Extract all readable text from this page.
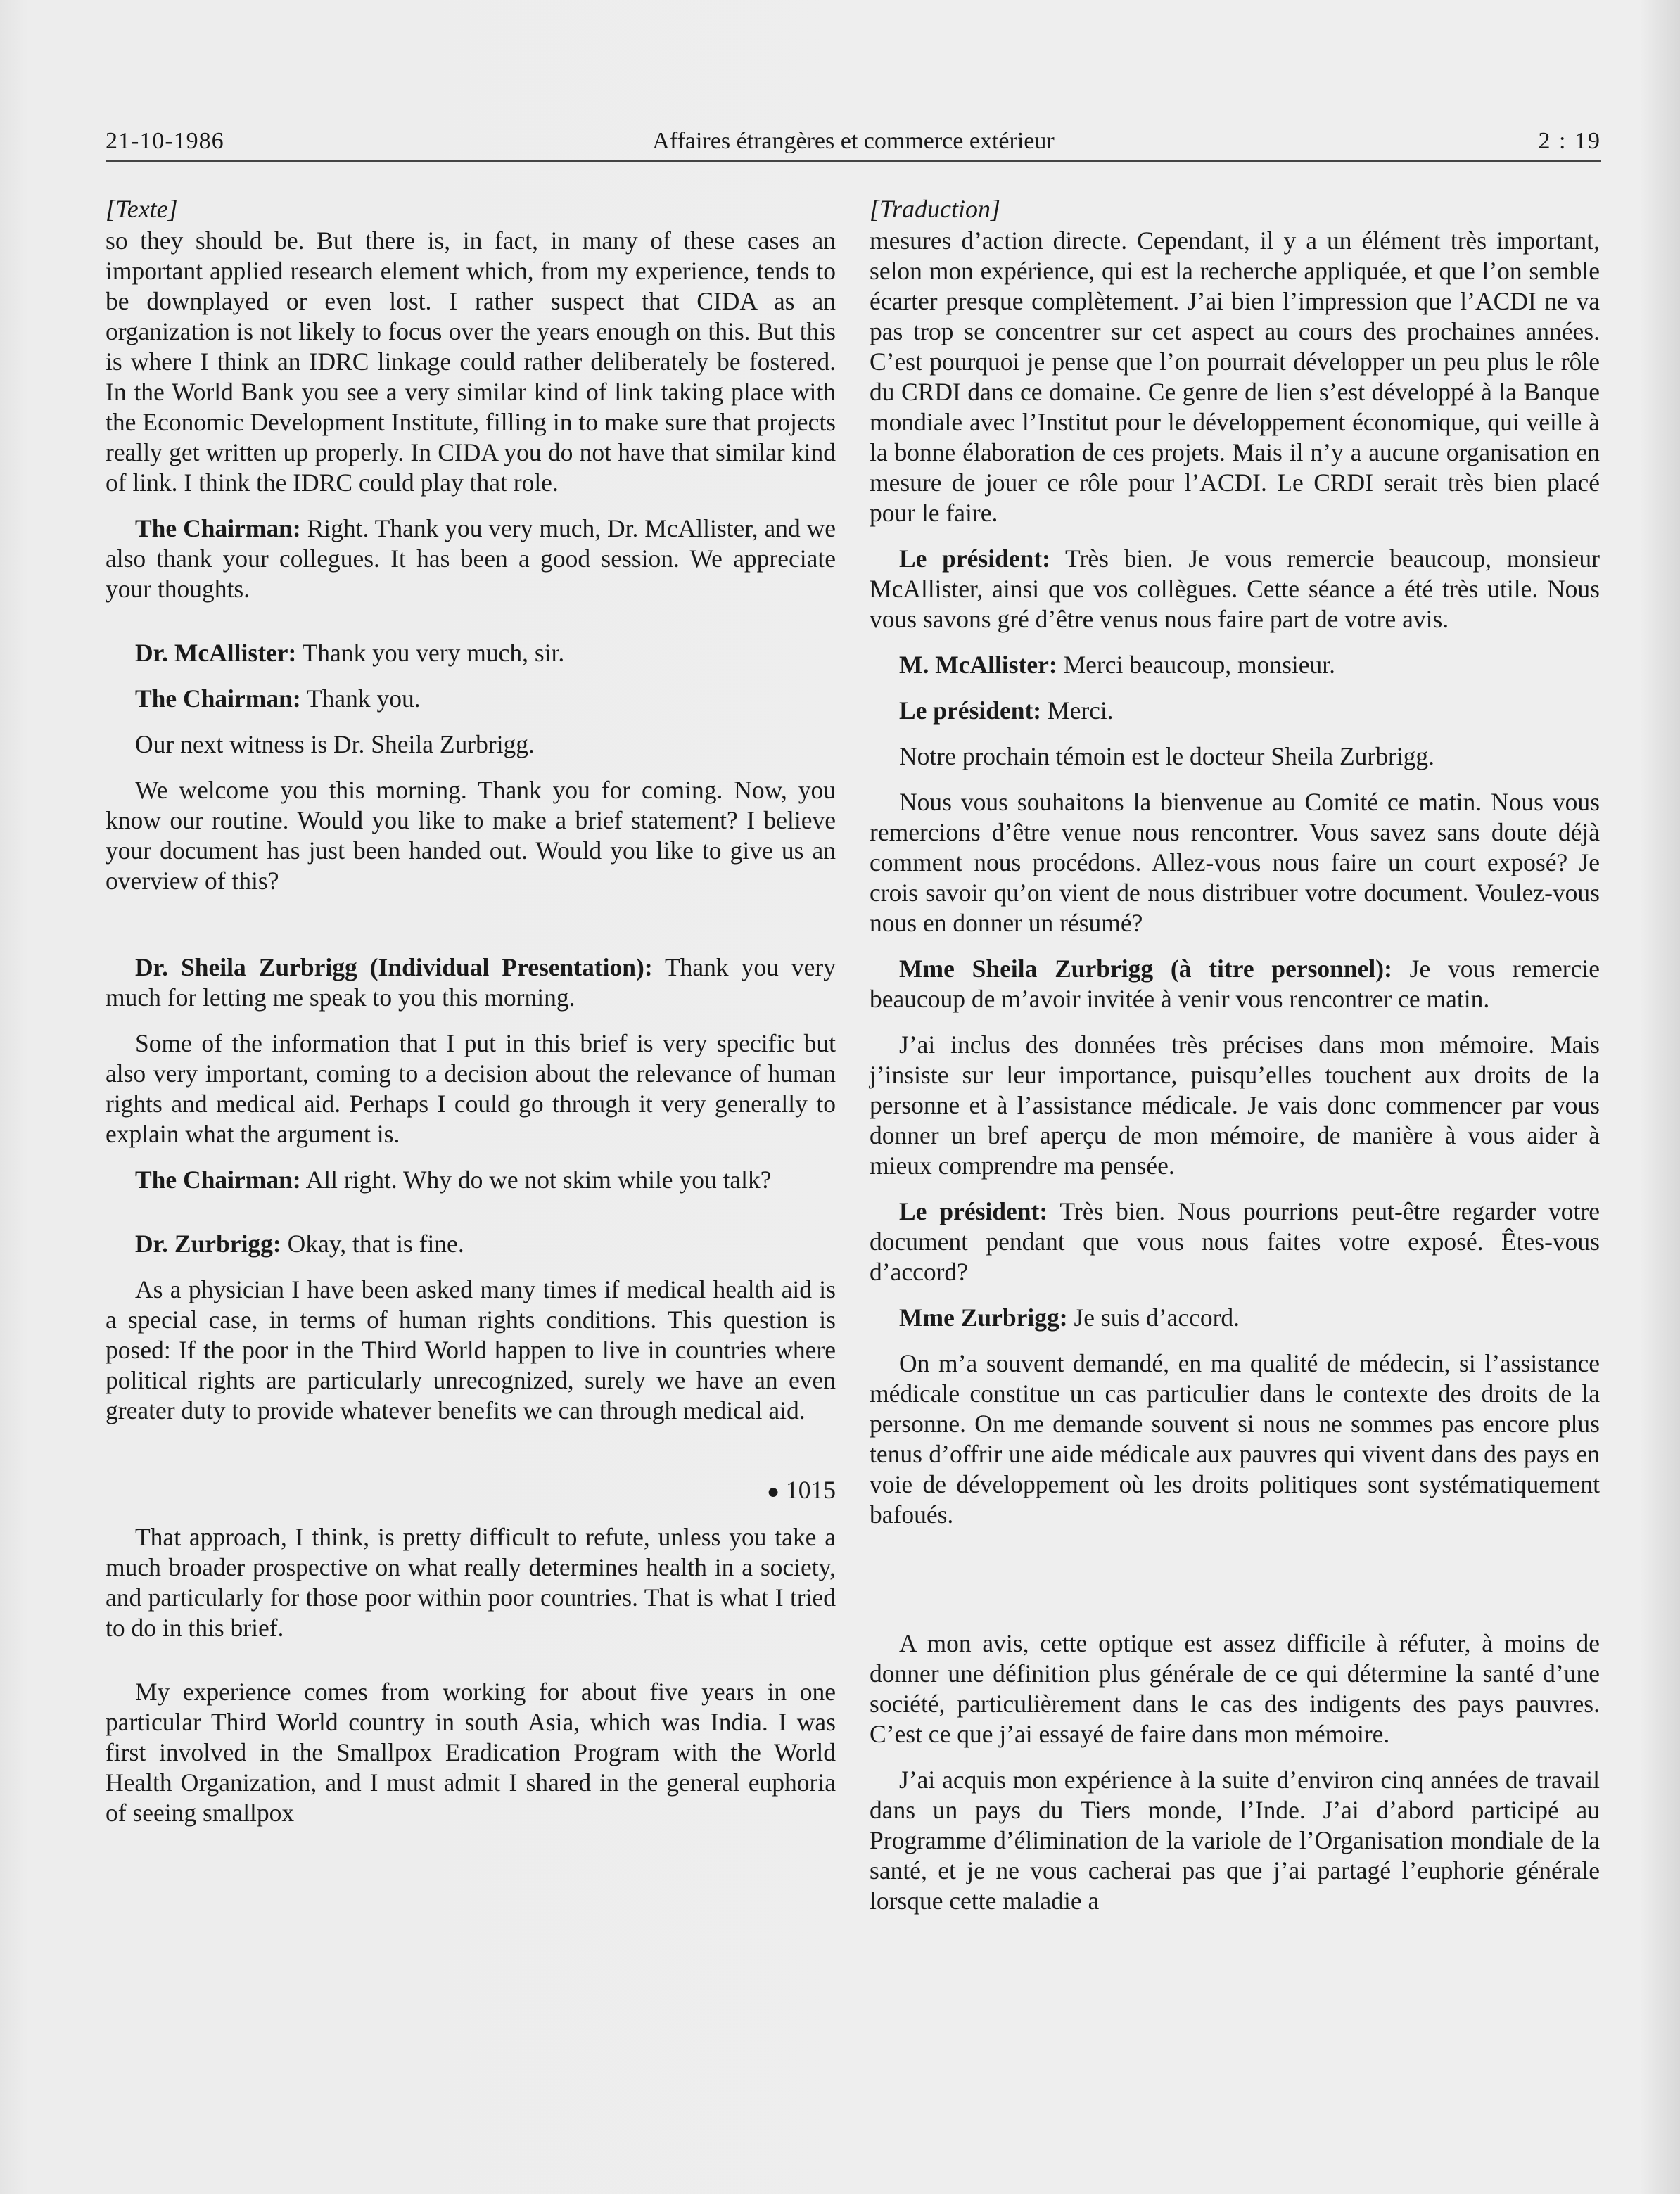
21-10-1986	Affaires étrangères et commerce extérieur	2 : 19
[Texte]

so they should be. But there is, in fact, in many of these cases an important applied research element which, from my experience, tends to be downplayed or even lost. I rather suspect that CIDA as an organization is not likely to focus over the years enough on this. But this is where I think an IDRC linkage could rather deliberately be fostered. In the World Bank you see a very similar kind of link taking place with the Economic Development Institute, filling in to make sure that projects really get written up properly. In CIDA you do not have that similar kind of link. I think the IDRC could play that role.

The Chairman: Right. Thank you very much, Dr. McAllister, and we also thank your collegues. It has been a good session. We appreciate your thoughts.

Dr. McAllister: Thank you very much, sir.

The Chairman: Thank you.

Our next witness is Dr. Sheila Zurbrigg.

We welcome you this morning. Thank you for coming. Now, you know our routine. Would you like to make a brief statement? I believe your document has just been handed out. Would you like to give us an overview of this?

Dr. Sheila Zurbrigg (Individual Presentation): Thank you very much for letting me speak to you this morning.

Some of the information that I put in this brief is very specific but also very important, coming to a decision about the relevance of human rights and medical aid. Perhaps I could go through it very generally to explain what the argument is.

The Chairman: All right. Why do we not skim while you talk?

Dr. Zurbrigg: Okay, that is fine.

As a physician I have been asked many times if medical health aid is a special case, in terms of human rights conditions. This question is posed: If the poor in the Third World happen to live in countries where political rights are particularly unrecognized, surely we have an even greater duty to provide whatever benefits we can through medical aid.

● 1015

That approach, I think, is pretty difficult to refute, unless you take a much broader prospective on what really determines health in a society, and particularly for those poor within poor countries. That is what I tried to do in this brief.

My experience comes from working for about five years in one particular Third World country in south Asia, which was India. I was first involved in the Smallpox Eradication Program with the World Health Organization, and I must admit I shared in the general euphoria of seeing smallpox

[Traduction]

mesures d’action directe. Cependant, il y a un élément très important, selon mon expérience, qui est la recherche appliquée, et que l’on semble écarter presque complètement. J’ai bien l’impression que l’ACDI ne va pas trop se concentrer sur cet aspect au cours des prochaines années. C’est pourquoi je pense que l’on pourrait développer un peu plus le rôle du CRDI dans ce domaine. Ce genre de lien s’est développé à la Banque mondiale avec l’Institut pour le développement économique, qui veille à la bonne élaboration de ces projets. Mais il n’y a aucune organisation en mesure de jouer ce rôle pour l’ACDI. Le CRDI serait très bien placé pour le faire.

Le président: Très bien. Je vous remercie beaucoup, monsieur McAllister, ainsi que vos collègues. Cette séance a été très utile. Nous vous savons gré d’être venus nous faire part de votre avis.

M. McAllister: Merci beaucoup, monsieur.

Le président: Merci.

Notre prochain témoin est le docteur Sheila Zurbrigg.

Nous vous souhaitons la bienvenue au Comité ce matin. Nous vous remercions d’être venue nous rencontrer. Vous savez sans doute déjà comment nous procédons. Allez-vous nous faire un court exposé? Je crois savoir qu’on vient de nous distribuer votre document. Voulez-vous nous en donner un résumé?

Mme Sheila Zurbrigg (à titre personnel): Je vous remercie beaucoup de m’avoir invitée à venir vous rencontrer ce matin.

J’ai inclus des données très précises dans mon mémoire. Mais j’insiste sur leur importance, puisqu’elles touchent aux droits de la personne et à l’assistance médicale. Je vais donc commencer par vous donner un bref aperçu de mon mémoire, de manière à vous aider à mieux comprendre ma pensée.

Le président: Très bien. Nous pourrions peut-être regarder votre document pendant que vous nous faites votre exposé. Êtes-vous d’accord?

Mme Zurbrigg: Je suis d’accord.

On m’a souvent demandé, en ma qualité de médecin, si l’assistance médicale constitue un cas particulier dans le contexte des droits de la personne. On me demande souvent si nous ne sommes pas encore plus tenus d’offrir une aide médicale aux pauvres qui vivent dans des pays en voie de développement où les droits politiques sont systématiquement bafoués.

A mon avis, cette optique est assez difficile à réfuter, à moins de donner une définition plus générale de ce qui détermine la santé d’une société, particulièrement dans le cas des indigents des pays pauvres. C’est ce que j’ai essayé de faire dans mon mémoire.

J’ai acquis mon expérience à la suite d’environ cinq années de travail dans un pays du Tiers monde, l’Inde. J’ai d’abord participé au Programme d’élimination de la variole de l’Organisation mondiale de la santé, et je ne vous cacherai pas que j’ai partagé l’euphorie générale lorsque cette maladie a
